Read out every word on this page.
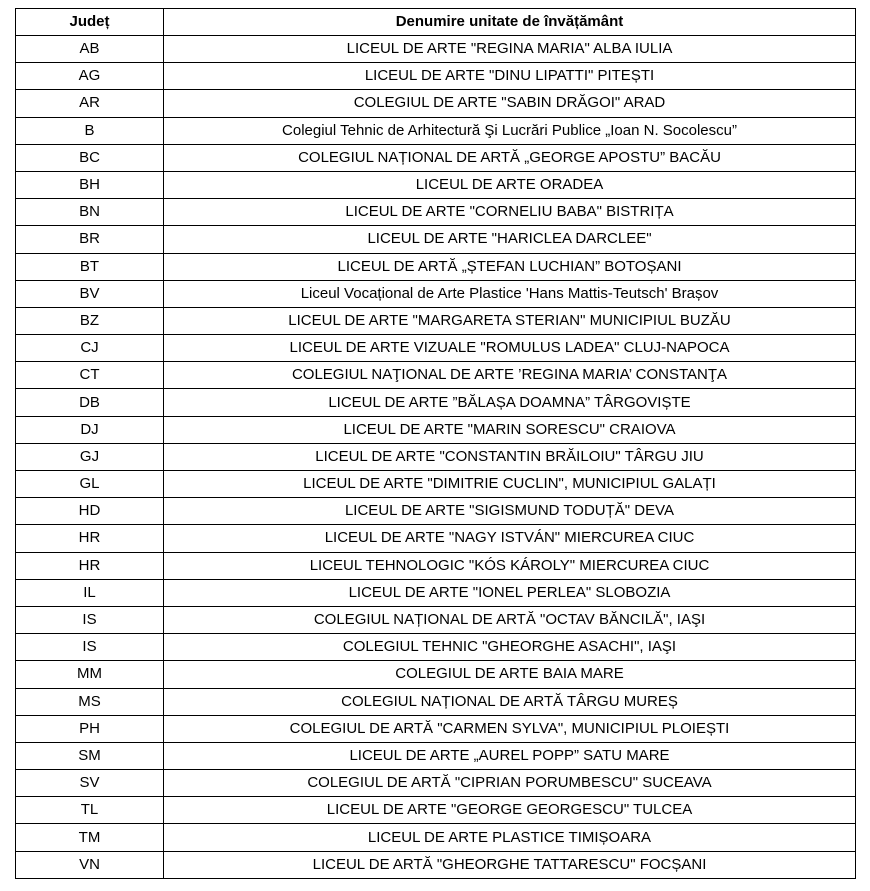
Județ	Denumire unitate de învățământ
AB	LICEUL DE ARTE "REGINA MARIA" ALBA IULIA
AG	LICEUL DE ARTE "DINU LIPATTI" PITEȘTI
AR	COLEGIUL DE ARTE "SABIN DRĂGOI" ARAD
B	Colegiul Tehnic de Arhitectură Şi Lucrări Publice „Ioan N. Socolescu”
BC	COLEGIUL NAȚIONAL DE ARTĂ „GEORGE APOSTU” BACĂU
BH	LICEUL DE ARTE ORADEA
BN	LICEUL DE ARTE "CORNELIU BABA" BISTRIȚA
BR	LICEUL DE ARTE "HARICLEA DARCLEE"
BT	LICEUL DE ARTĂ „ȘTEFAN LUCHIAN” BOTOȘANI
BV	Liceul Vocațional de Arte Plastice 'Hans Mattis-Teutsch' Brașov
BZ	LICEUL DE ARTE "MARGARETA STERIAN" MUNICIPIUL BUZĂU
CJ	LICEUL DE ARTE VIZUALE "ROMULUS LADEA" CLUJ-NAPOCA
CT	COLEGIUL NAŢIONAL DE ARTE ’REGINA MARIA’ CONSTANŢA
DB	LICEUL DE ARTE ”BĂLAȘA DOAMNA” TÂRGOVIȘTE
DJ	LICEUL DE ARTE "MARIN SORESCU" CRAIOVA
GJ	LICEUL DE ARTE "CONSTANTIN BRĂILOIU" TÂRGU JIU
GL	LICEUL DE ARTE "DIMITRIE CUCLIN", MUNICIPIUL GALAȚI
HD	LICEUL DE ARTE "SIGISMUND TODUȚĂ" DEVA
HR	LICEUL DE ARTE "NAGY ISTVÁN" MIERCUREA CIUC
HR	LICEUL TEHNOLOGIC "KÓS KÁROLY" MIERCUREA CIUC
IL	LICEUL DE ARTE "IONEL PERLEA" SLOBOZIA
IS	COLEGIUL NAȚIONAL DE ARTĂ "OCTAV BĂNCILĂ", IAŞI
IS	COLEGIUL TEHNIC "GHEORGHE ASACHI", IAŞI
MM	COLEGIUL DE ARTE BAIA MARE
MS	COLEGIUL NAȚIONAL DE ARTĂ TÂRGU MUREȘ
PH	COLEGIUL DE ARTĂ "CARMEN SYLVA", MUNICIPIUL PLOIEȘTI
SM	LICEUL DE ARTE „AUREL POPP” SATU MARE
SV	COLEGIUL DE ARTĂ "CIPRIAN PORUMBESCU" SUCEAVA
TL	LICEUL DE ARTE "GEORGE GEORGESCU" TULCEA
TM	LICEUL DE ARTE PLASTICE TIMIȘOARA
VN	LICEUL DE ARTĂ "GHEORGHE TATTARESCU" FOCȘANI
